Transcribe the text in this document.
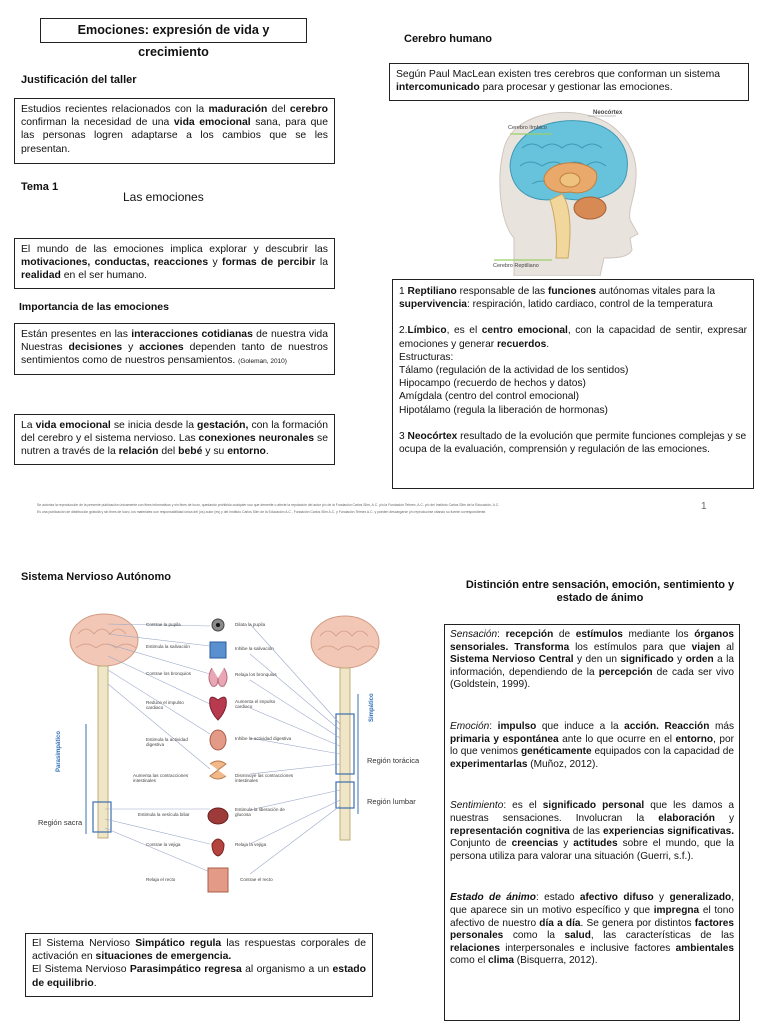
Emociones: expresión de vida y crecimiento
Cerebro humano
Justificación del taller
Estudios recientes relacionados con la maduración del cerebro confirman la necesidad de una vida emocional sana, para que las personas logren adaptarse a los cambios que se les presentan.
Tema 1
Las emociones
El mundo de las emociones implica explorar y descubrir las motivaciones, conductas, reacciones y formas de percibir la realidad en el ser humano.
Importancia de las emociones
Están presentes en las interacciones cotidianas de nuestra vida Nuestras decisiones y acciones dependen tanto de nuestros sentimientos como de nuestros pensamientos. (Goleman, 2010)
La vida emocional se inicia desde la gestación, con la formación del cerebro y el sistema nervioso. Las conexiones neuronales se nutren a través de la relación del bebé y su entorno.
Según Paul MacLean existen tres cerebros que conforman un sistema intercomunicado para procesar y gestionar las emociones.
Neocórtex
Cerebro límbico
Cerebro Reptiliano

1 Reptiliano responsable de las funciones autónomas vitales para la supervivencia: respiración, latido cardiaco, control de la temperatura

2.Límbico, es el centro emocional, con la capacidad de sentir, expresar emociones y generar recuerdos.

Estructuras:

Tálamo (regulación de la actividad de los sentidos)

Hipocampo (recuerdo de hechos y datos)

Amígdala (centro del control emocional)

Hipotálamo (regula la liberación de hormonas)

3 Neocórtex resultado de la evolución que permite funciones complejas y se ocupa de la evaluación, comprensión y regulación de las emociones.

Se autoriza la reproducción de la presente publicación únicamente con fines informativos y sin fines de lucro, quedando prohibido cualquier uso que demerite o afecte la reputación del autor y/o de la Fundación Carlos Slim, A.C. y/o la Fundación Telmex, A.C. y/o del Instituto Carlos Slim de la Educación, A.C.
Es una publicación de distribución gratuita y sin fines de lucro, los materiales son responsabilidad única del (os) autor (es) y del Instituto Carlos Slim de la Educación A.C., Fundación Carlos Slim A.C. y Fundación Telmex A.C. y pueden descargarse y/o reproducirse citando su fuente correspondiente.	1
Sistema Nervioso Autónomo
Distinción entre sensación, emoción, sentimiento y estado de ánimo
Parasimpático
Simpático
Región sacra
Región torácica
Región lumbar
Contrae la pupila
Estimula la salivación
Contrae los bronquios
Reduce el impulso cardiaco
Estimula la actividad digestiva
Aumenta las contracciones intestinales
Estimula la vesícula biliar
Contrae la vejiga
Relaja el recto
Dilata la pupila
Inhibe la salivación
Relaja los bronquios
Aumenta el impulso cardiaco
Inhibe la actividad digestiva
Disminuye las contracciones intestinales
Estimula la liberación de glucosa
Relaja la vejiga
Contrae el recto

El Sistema Nervioso Simpático regula las respuestas corporales de activación en situaciones de emergencia.

El Sistema Nervioso Parasimpático regresa al organismo a un estado de equilibrio.

Sensación: recepción de estímulos mediante los órganos sensoriales. Transforma los estímulos para que viajen al Sistema Nervioso Central y den un significado y orden a la información, dependiendo de la percepción de cada ser vivo (Goldstein, 1999).

Emoción: impulso que induce a la acción. Reacción más primaria y espontánea ante lo que ocurre en el entorno, por lo que venimos genéticamente equipados con la capacidad de experimentarlas (Muñoz, 2012).

Sentimiento: es el significado personal que les damos a nuestras sensaciones. Involucran la elaboración y representación cognitiva de las experiencias significativas. Conjunto de creencias y actitudes sobre el mundo, que la persona utiliza para valorar una situación (Guerri, s.f.).

Estado de ánimo: estado afectivo difuso y generalizado, que aparece sin un motivo específico y que impregna el tono afectivo de nuestro día a día. Se genera por distintos factores personales como la salud, las características de las relaciones interpersonales e inclusive factores ambientales como el clima (Bisquerra, 2012).
